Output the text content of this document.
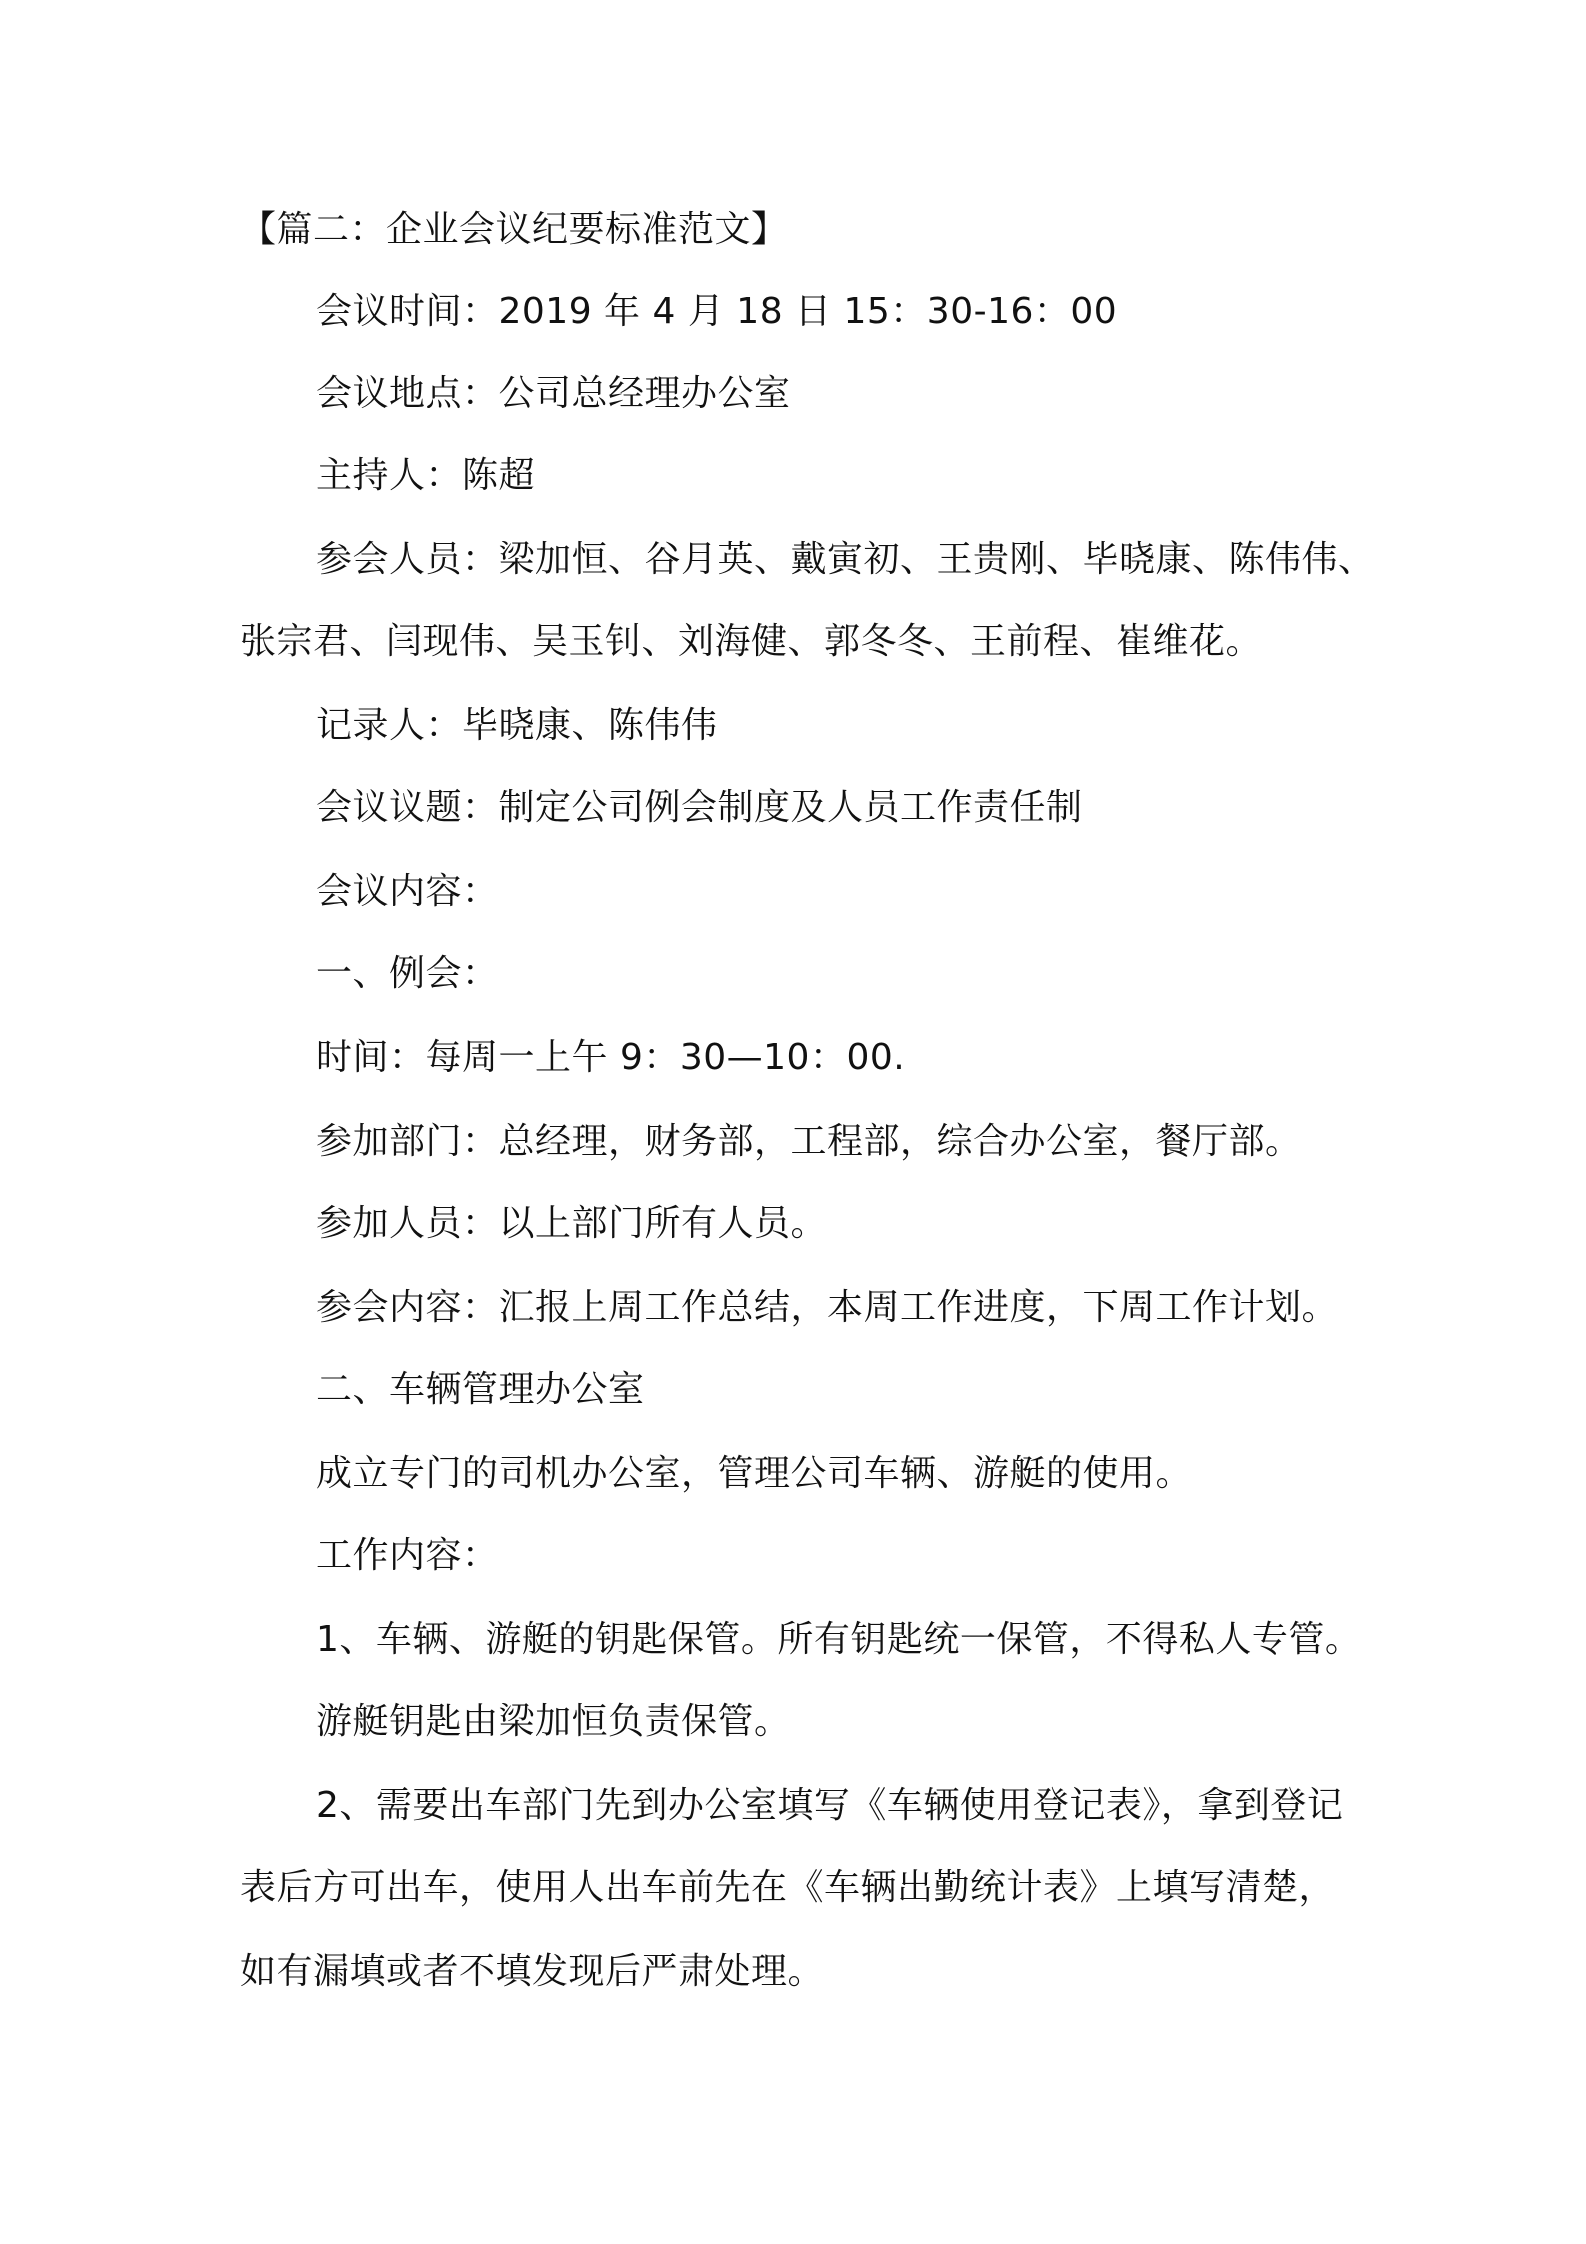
【篇二：企业会议纪要标准范文】
会议时间：2019 年 4 月 18 日 15：30-16：00
会议地点：公司总经理办公室
主持人：陈超
参会人员：梁加恒、谷月英、戴寅初、王贵刚、毕晓康、陈伟伟、
张宗君、闫现伟、吴玉钊、刘海健、郭冬冬、王前程、崔维花。
记录人：毕晓康、陈伟伟
会议议题：制定公司例会制度及人员工作责任制
会议内容：
一、例会：
时间：每周一上午 9：30—10：00.
参加部门：总经理，财务部，工程部，综合办公室，餐厅部。
参加人员：以上部门所有人员。
参会内容：汇报上周工作总结，本周工作进度，下周工作计划。
二、车辆管理办公室
成立专门的司机办公室，管理公司车辆、游艇的使用。
工作内容：
1、车辆、游艇的钥匙保管。所有钥匙统一保管，不得私人专管。
游艇钥匙由梁加恒负责保管。
2、需要出车部门先到办公室填写《车辆使用登记表》，拿到登记
表后方可出车，使用人出车前先在《车辆出勤统计表》上填写清楚，
如有漏填或者不填发现后严肃处理。
